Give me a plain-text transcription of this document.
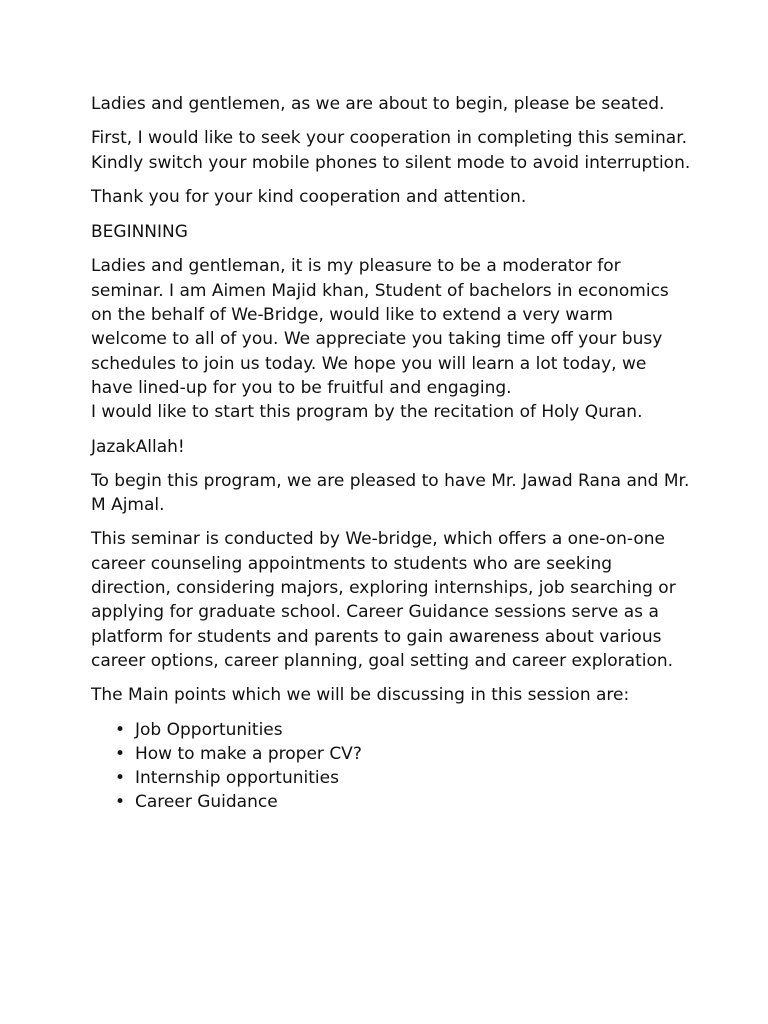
Ladies and gentlemen, as we are about to begin, please be seated.

First, I would like to seek your cooperation in completing this seminar. Kindly switch your mobile phones to silent mode to avoid interruption.

Thank you for your kind cooperation and attention.

BEGINNING

Ladies and gentleman, it is my pleasure to be a moderator for seminar. I am Aimen Majid khan, Student of bachelors in economics on the behalf of We-Bridge, would like to extend a very warm welcome to all of you. We appreciate you taking time off your busy schedules to join us today. We hope you will learn a lot today, we have lined-up for you to be fruitful and engaging.
I would like to start this program by the recitation of Holy Quran.

JazakAllah!

To begin this program, we are pleased to have Mr. Jawad Rana and Mr. M Ajmal.

This seminar is conducted by We-bridge, which offers a one-on-one career counseling appointments to students who are seeking direction, considering majors, exploring internships, job searching or applying for graduate school. Career Guidance sessions serve as a platform for students and parents to gain awareness about various career options, career planning, goal setting and career exploration.

The Main points which we will be discussing in this session are:

• Job Opportunities
• How to make a proper CV?
• Internship opportunities
• Career Guidance
